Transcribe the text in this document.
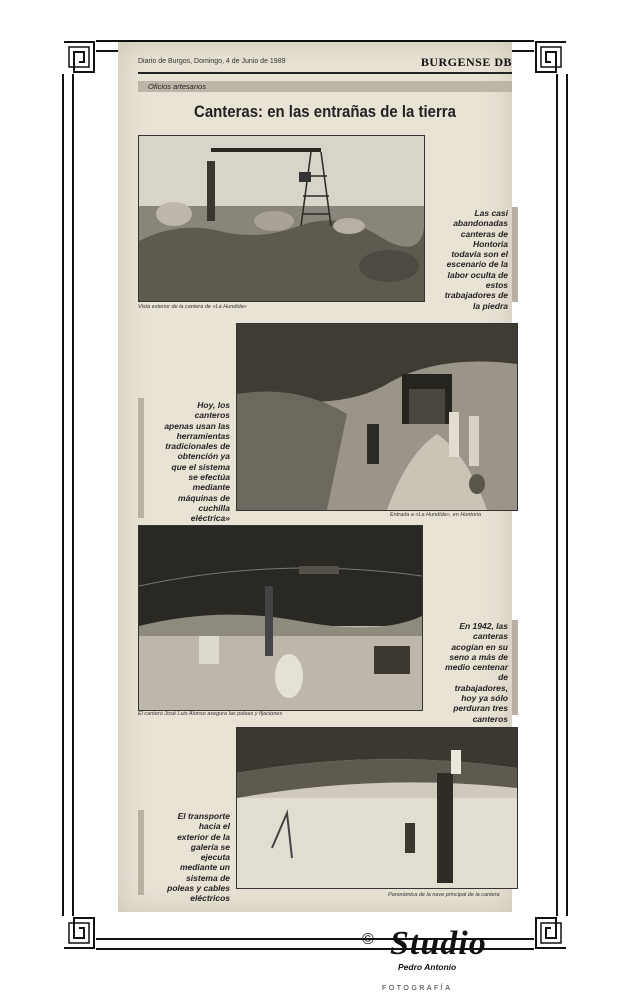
Diario de Burgos, Domingo, 4 de Junio de 1989	BURGENSE DB
Oficios artesanos
Canteras: en las entrañas de la tierra
Vista exterior de la cantera de «La Hundida»
Las casi
abandonadas
canteras de
Hontoria
todavía son el
escenario de la
labor oculta de
estos
trabajadores de
la piedra
Entrada a «La Hundida», en Hontoria
Hoy, los
canteros
apenas usan las
herramientas
tradicionales de
obtención ya
que el sistema
se efectúa
mediante
máquinas de
cuchilla
eléctrica»
El cantero José Luis Alonso asegura las poleas y fijaciones
En 1942, las
canteras
acogían en su
seno a más de
medio centenar
de
trabajadores,
hoy ya sólo
perduran tres
canteros
Panorámica de la nave principal de la cantera
El transporte
hacia el
exterior de la
galería se
ejecuta
mediante un
sistema de
poleas y cables
eléctricos
© Studio
Pedro Antonio
FOTOGRAFÍA
